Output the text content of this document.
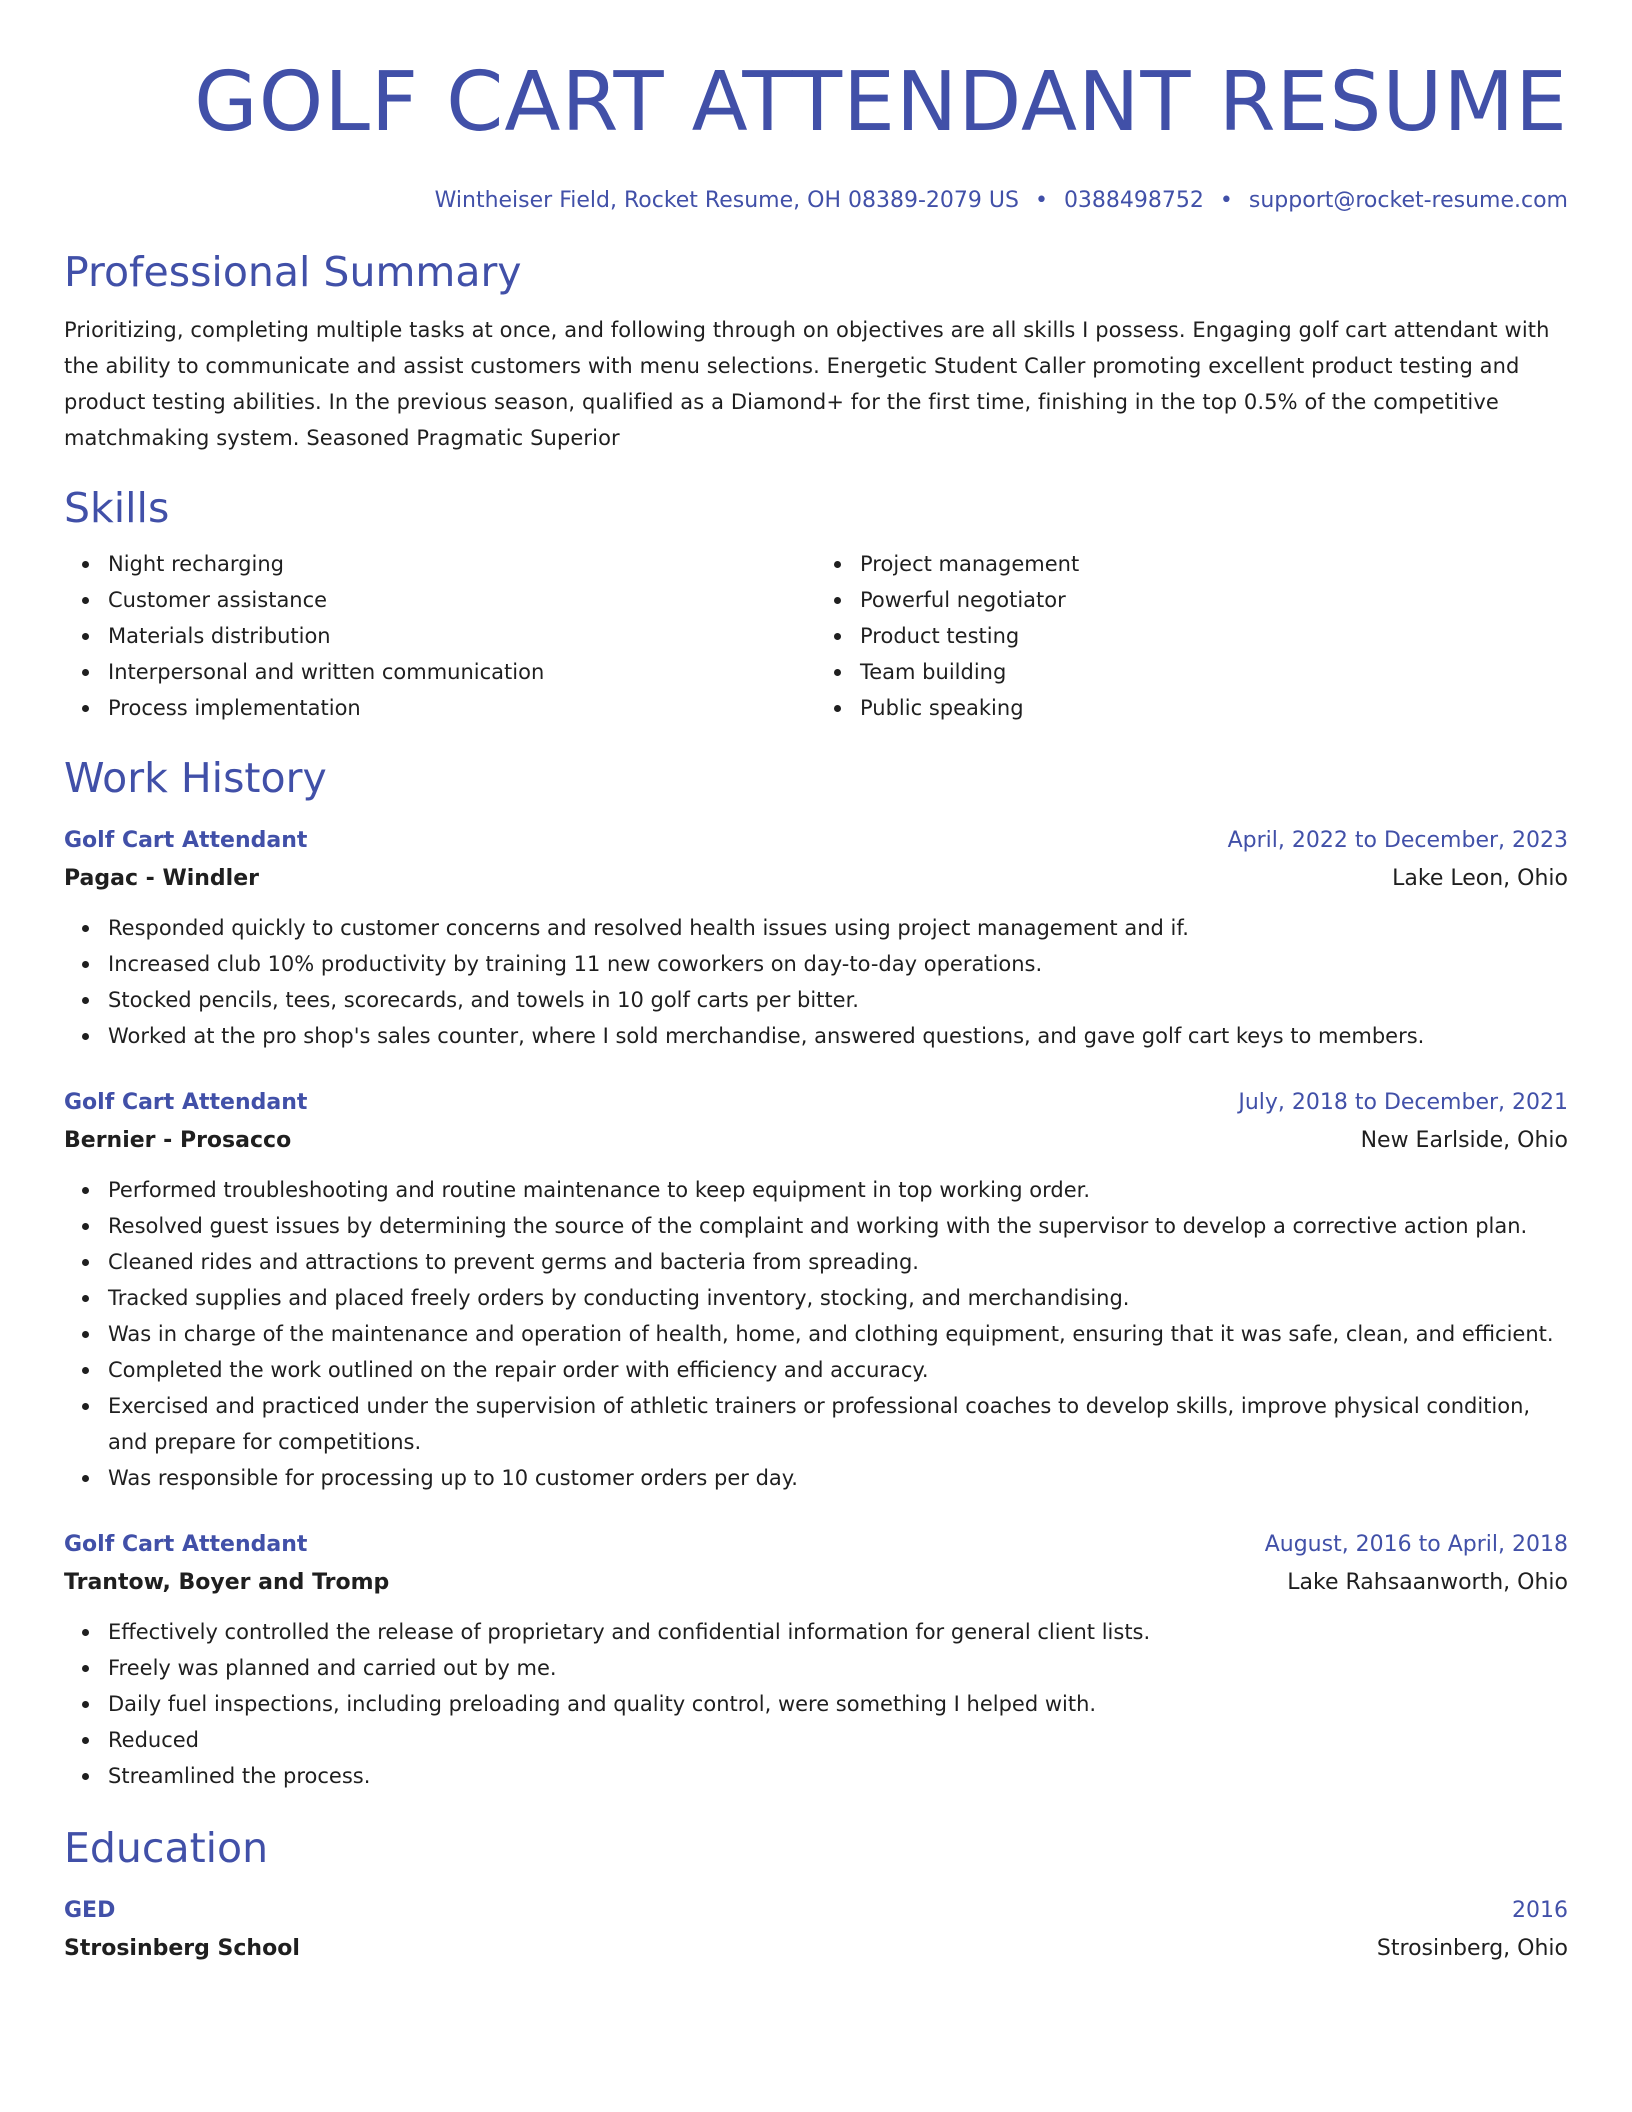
GOLF CART ATTENDANT RESUME
Wintheiser Field, Rocket Resume, OH 08389-2079 US • 0388498752 • support@rocket-resume.com
Professional Summary
Prioritizing, completing multiple tasks at once, and following through on objectives are all skills I possess. Engaging golf cart attendant with the ability to communicate and assist customers with menu selections. Energetic Student Caller promoting excellent product testing and product testing abilities. In the previous season, qualified as a Diamond+ for the first time, finishing in the top 0.5% of the competitive matchmaking system. Seasoned Pragmatic Superior
Skills
Night recharging
Customer assistance
Materials distribution
Interpersonal and written communication
Process implementation
Project management
Powerful negotiator
Product testing
Team building
Public speaking
Work History
Golf Cart Attendant	April, 2022 to December, 2023
Pagac - Windler	Lake Leon, Ohio
Responded quickly to customer concerns and resolved health issues using project management and if.
Increased club 10% productivity by training 11 new coworkers on day-to-day operations.
Stocked pencils, tees, scorecards, and towels in 10 golf carts per bitter.
Worked at the pro shop's sales counter, where I sold merchandise, answered questions, and gave golf cart keys to members.
Golf Cart Attendant	July, 2018 to December, 2021
Bernier - Prosacco	New Earlside, Ohio
Performed troubleshooting and routine maintenance to keep equipment in top working order.
Resolved guest issues by determining the source of the complaint and working with the supervisor to develop a corrective action plan.
Cleaned rides and attractions to prevent germs and bacteria from spreading.
Tracked supplies and placed freely orders by conducting inventory, stocking, and merchandising.
Was in charge of the maintenance and operation of health, home, and clothing equipment, ensuring that it was safe, clean, and efficient.
Completed the work outlined on the repair order with efficiency and accuracy.
Exercised and practiced under the supervision of athletic trainers or professional coaches to develop skills, improve physical condition, and prepare for competitions.
Was responsible for processing up to 10 customer orders per day.
Golf Cart Attendant	August, 2016 to April, 2018
Trantow, Boyer and Tromp	Lake Rahsaanworth, Ohio
Effectively controlled the release of proprietary and confidential information for general client lists.
Freely was planned and carried out by me.
Daily fuel inspections, including preloading and quality control, were something I helped with.
Reduced
Streamlined the process.
Education
GED	2016
Strosinberg School	Strosinberg, Ohio
